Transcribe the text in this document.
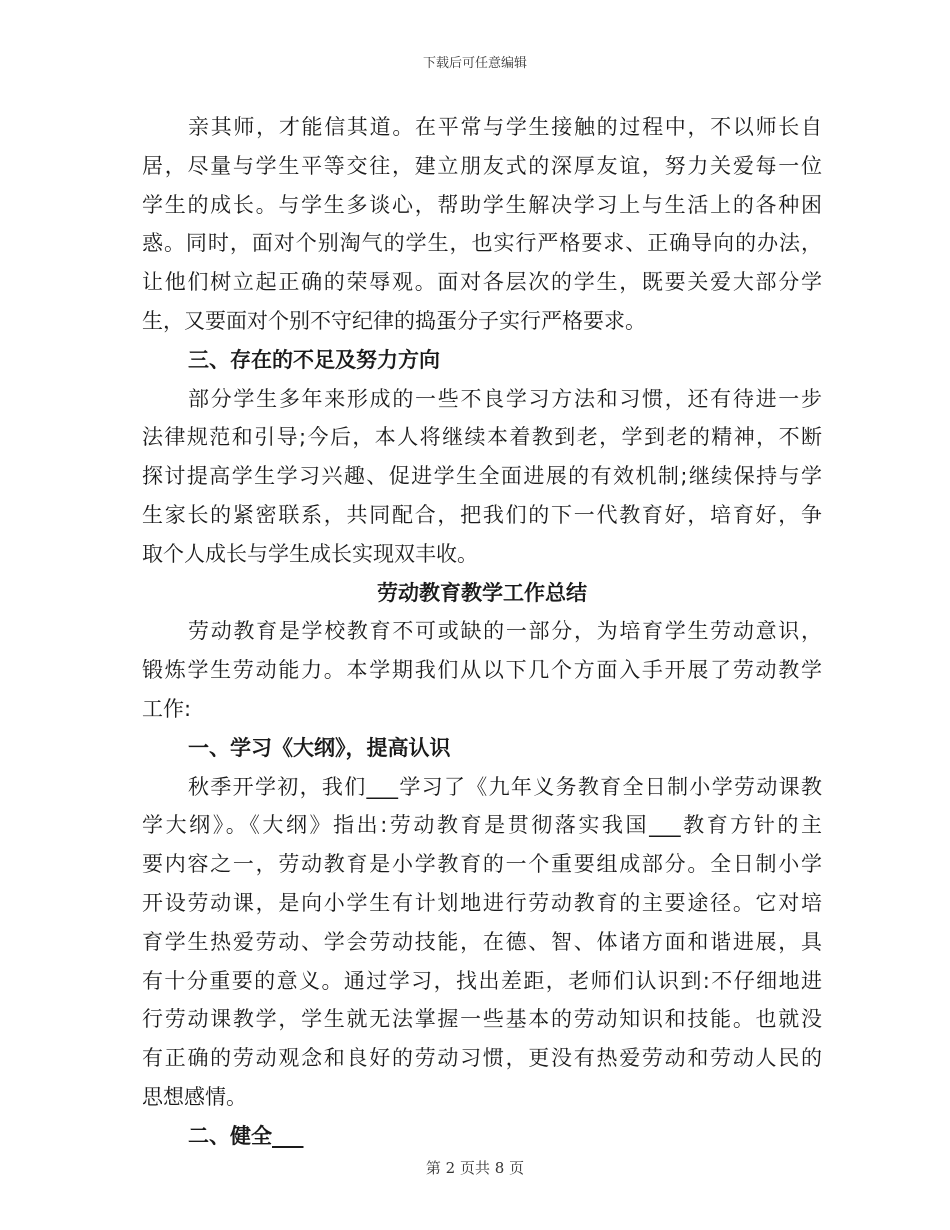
下载后可任意编辑
亲其师，才能信其道。在平常与学生接触的过程中，不以师长自
居，尽量与学生平等交往，建立朋友式的深厚友谊，努力关爱每一位
学生的成长。与学生多谈心，帮助学生解决学习上与生活上的各种困
惑。同时，面对个别淘气的学生，也实行严格要求、正确导向的办法，
让他们树立起正确的荣辱观。面对各层次的学生，既要关爱大部分学
生，又要面对个别不守纪律的捣蛋分子实行严格要求。
三、存在的不足及努力方向
部分学生多年来形成的一些不良学习方法和习惯，还有待进一步
法律规范和引导;今后，本人将继续本着教到老，学到老的精神，不断
探讨提高学生学习兴趣、促进学生全面进展的有效机制;继续保持与学
生家长的紧密联系，共同配合，把我们的下一代教育好，培育好，争
取个人成长与学生成长实现双丰收。
劳动教育教学工作总结
劳动教育是学校教育不可或缺的一部分，为培育学生劳动意识，
锻炼学生劳动能力。本学期我们从以下几个方面入手开展了劳动教学
工作:
一、学习《大纲》，提高认识
秋季开学初，我们___学习了《九年义务教育全日制小学劳动课教
学大纲》。《大纲》指出:劳动教育是贯彻落实我国___教育方针的主
要内容之一，劳动教育是小学教育的一个重要组成部分。全日制小学
开设劳动课，是向小学生有计划地进行劳动教育的主要途径。它对培
育学生热爱劳动、学会劳动技能，在德、智、体诸方面和谐进展，具
有十分重要的意义。通过学习，找出差距，老师们认识到:不仔细地进
行劳动课教学，学生就无法掌握一些基本的劳动知识和技能。也就没
有正确的劳动观念和良好的劳动习惯，更没有热爱劳动和劳动人民的
思想感情。
二、健全___
第 2 页共 8 页
